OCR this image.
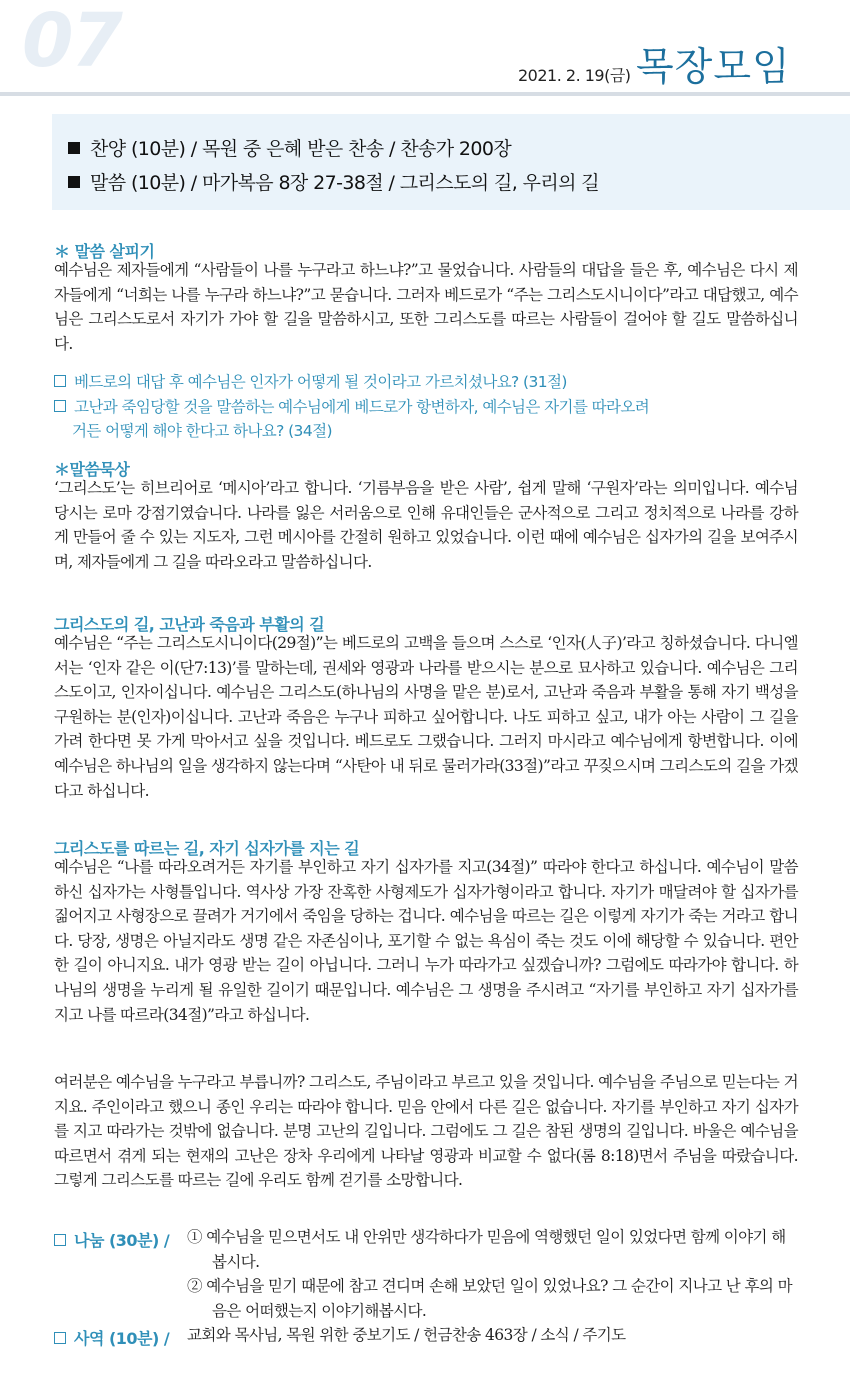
07	2021. 2. 19(금) 목장모임
찬양 (10분) / 목원 중 은혜 받은 찬송 / 찬송가 200장
말씀 (10분) / 마가복음 8장 27-38절 / 그리스도의 길, 우리의 길
＊ 말씀 살피기

예수님은 제자들에게 “사람들이 나를 누구라고 하느냐?”고 물었습니다. 사람들의 대답을 들은 후, 예수님은 다시 제자들에게 “너희는 나를 누구라 하느냐?”고 묻습니다. 그러자 베드로가 “주는 그리스도시니이다”라고 대답했고, 예수님은 그리스도로서 자기가 가야 할 길을 말씀하시고, 또한 그리스도를 따르는 사람들이 걸어야 할 길도 말씀하십니다.

베드로의 대답 후 예수님은 인자가 어떻게 될 것이라고 가르치셨나요? (31절)
고난과 죽임당할 것을 말씀하는 예수님에게 베드로가 항변하자, 예수님은 자기를 따라오려
거든 어떻게 해야 한다고 하나요? (34절)
＊말씀묵상

‘그리스도’는 히브리어로 ‘메시아’라고 합니다. ‘기름부음을 받은 사람’, 쉽게 말해 ‘구원자’라는 의미입니다. 예수님 당시는 로마 강점기였습니다. 나라를 잃은 서러움으로 인해 유대인들은 군사적으로 그리고 정치적으로 나라를 강하게 만들어 줄 수 있는 지도자, 그런 메시아를 간절히 원하고 있었습니다. 이런 때에 예수님은 십자가의 길을 보여주시며, 제자들에게 그 길을 따라오라고 말씀하십니다.

그리스도의 길, 고난과 죽음과 부활의 길

예수님은 “주는 그리스도시니이다(29절)”는 베드로의 고백을 들으며 스스로 ‘인자(人子)’라고 칭하셨습니다. 다니엘서는 ‘인자 같은 이(단7:13)’를 말하는데, 권세와 영광과 나라를 받으시는 분으로 묘사하고 있습니다. 예수님은 그리스도이고, 인자이십니다. 예수님은 그리스도(하나님의 사명을 맡은 분)로서, 고난과 죽음과 부활을 통해 자기 백성을 구원하는 분(인자)이십니다. 고난과 죽음은 누구나 피하고 싶어합니다. 나도 피하고 싶고, 내가 아는 사람이 그 길을 가려 한다면 못 가게 막아서고 싶을 것입니다. 베드로도 그랬습니다. 그러지 마시라고 예수님에게 항변합니다. 이에 예수님은 하나님의 일을 생각하지 않는다며 “사탄아 내 뒤로 물러가라(33절)”라고 꾸짖으시며 그리스도의 길을 가겠다고 하십니다.

그리스도를 따르는 길, 자기 십자가를 지는 길

예수님은 “나를 따라오려거든 자기를 부인하고 자기 십자가를 지고(34절)” 따라야 한다고 하십니다. 예수님이 말씀하신 십자가는 사형틀입니다. 역사상 가장 잔혹한 사형제도가 십자가형이라고 합니다. 자기가 매달려야 할 십자가를 짊어지고 사형장으로 끌려가 거기에서 죽임을 당하는 겁니다. 예수님을 따르는 길은 이렇게 자기가 죽는 거라고 합니다. 당장, 생명은 아닐지라도 생명 같은 자존심이나, 포기할 수 없는 욕심이 죽는 것도 이에 해당할 수 있습니다. 편안한 길이 아니지요. 내가 영광 받는 길이 아닙니다. 그러니 누가 따라가고 싶겠습니까? 그럼에도 따라가야 합니다. 하나님의 생명을 누리게 될 유일한 길이기 때문입니다. 예수님은 그 생명을 주시려고 “자기를 부인하고 자기 십자가를 지고 나를 따르라(34절)”라고 하십니다.

여러분은 예수님을 누구라고 부릅니까? 그리스도, 주님이라고 부르고 있을 것입니다. 예수님을 주님으로 믿는다는 거지요. 주인이라고 했으니 종인 우리는 따라야 합니다. 믿음 안에서 다른 길은 없습니다. 자기를 부인하고 자기 십자가를 지고 따라가는 것밖에 없습니다. 분명 고난의 길입니다. 그럼에도 그 길은 참된 생명의 길입니다. 바울은 예수님을 따르면서 겪게 되는 현재의 고난은 장차 우리에게 나타날 영광과 비교할 수 없다(롬 8:18)면서 주님을 따랐습니다. 그렇게 그리스도를 따르는 길에 우리도 함께 걷기를 소망합니다.

나눔 (30분) / ① 예수님을 믿으면서도 내 안위만 생각하다가 믿음에 역행했던 일이 있었다면 함께 이야기 해봅시다.
② 예수님을 믿기 때문에 참고 견디며 손해 보았던 일이 있었나요? 그 순간이 지나고 난 후의 마음은 어떠했는지 이야기해봅시다.
사역 (10분) / 교회와 목사님, 목원 위한 중보기도 / 헌금찬송 463장 / 소식 / 주기도
